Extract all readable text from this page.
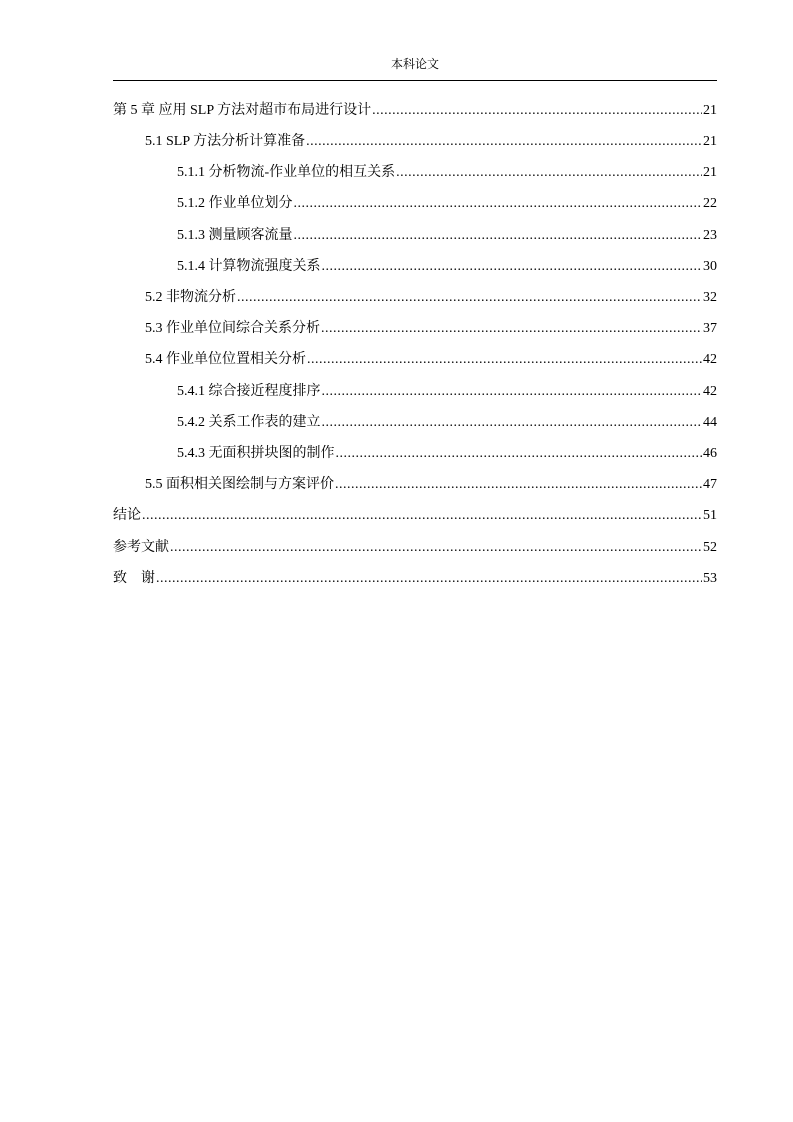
本科论文
第 5 章 应用 SLP 方法对超市布局进行设计 .....	21
5.1 SLP 方法分析计算准备 .....	21
5.1.1 分析物流-作业单位的相互关系 .....	21
5.1.2 作业单位划分 .....	22
5.1.3 测量顾客流量 .....	23
5.1.4 计算物流强度关系 .....	30
5.2 非物流分析 .....	32
5.3 作业单位间综合关系分析 .....	37
5.4 作业单位位置相关分析 .....	42
5.4.1 综合接近程度排序 .....	42
5.4.2 关系工作表的建立 .....	44
5.4.3 无面积拼块图的制作 .....	46
5.5 面积相关图绘制与方案评价 .....	47
结论 .....	51
参考文献 .....	52
致    谢 .....	53
